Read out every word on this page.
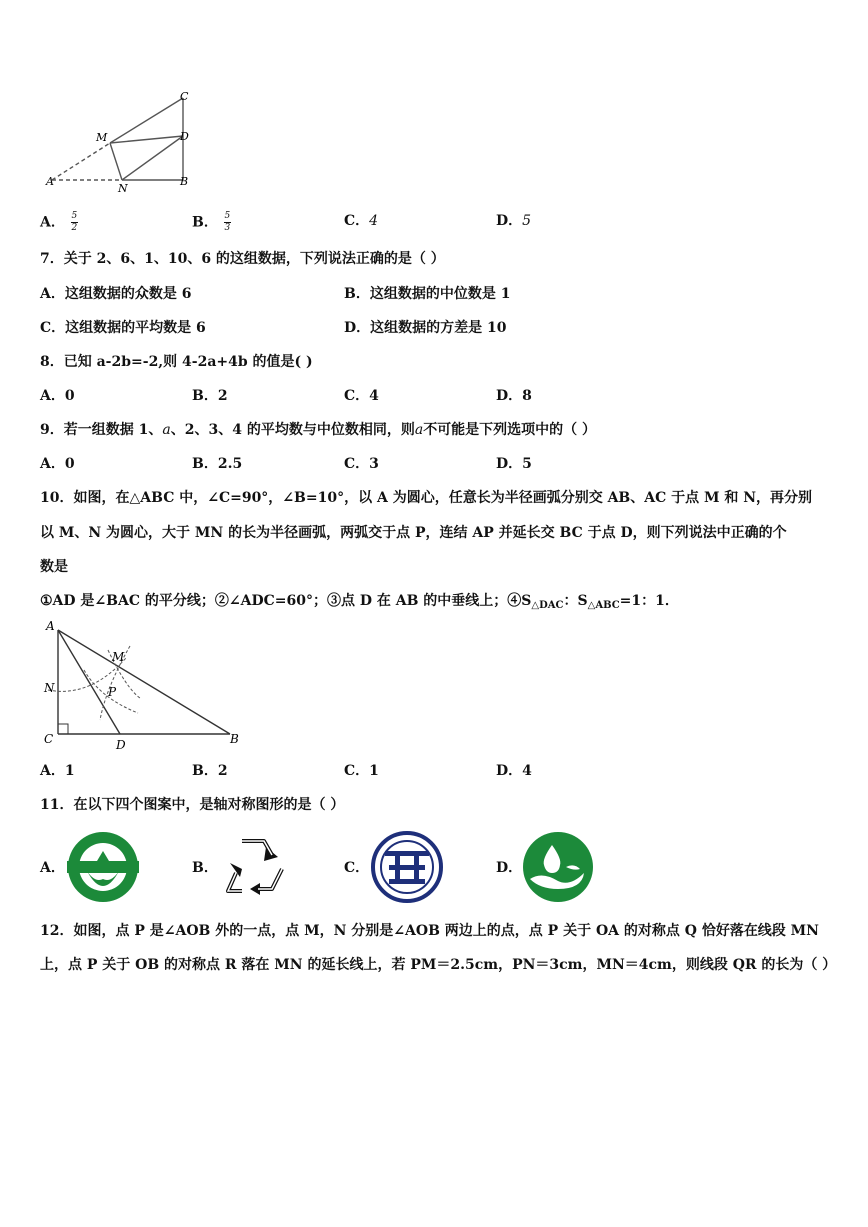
C
D
M
A
N
B
A． $\frac{5}{2}$	B． $\frac{5}{3}$	C．4	D．5
7．关于 2、6、1、10、6 的这组数据，下列说法正确的是（ ）
A．这组数据的众数是 6	B．这组数据的中位数是 1
C．这组数据的平均数是 6	D．这组数据的方差是 10
8．已知 a-2b=-2,则 4-2a+4b 的值是( )
A．0	B．2	C．4	D．8
9．若一组数据 1、a、2、3、4 的平均数与中位数相同，则a不可能是下列选项中的（ ）
A．0	B．2.5	C．3	D．5
10．如图，在△ABC 中，∠C=90°，∠B=10°，以 A 为圆心，任意长为半径画弧分别交 AB、AC 于点 M 和 N，再分别
以 M、N 为圆心，大于 MN 的长为半径画弧，两弧交于点 P，连结 AP 并延长交 BC 于点 D，则下列说法中正确的个
数是
①AD 是∠BAC 的平分线；②∠ADC=60°；③点 D 在 AB 的中垂线上；$④S_{\triangle DAC}$：$S_{\triangle ABC}=1$：1．
A
M
N	P
C	D	B
A．1	B．2	C．1	D．4
11．在以下四个图案中，是轴对称图形的是（ ）
A．	B．	C．	D．
12．如图，点 P 是∠AOB 外的一点，点 M，N 分别是∠AOB 两边上的点，点 P 关于 OA 的对称点 Q 恰好落在线段 MN
上，点 P 关于 OB 的对称点 R 落在 MN 的延长线上，若 PM＝2.5cm，PN＝3cm，MN＝4cm，则线段 QR 的长为（ ）
